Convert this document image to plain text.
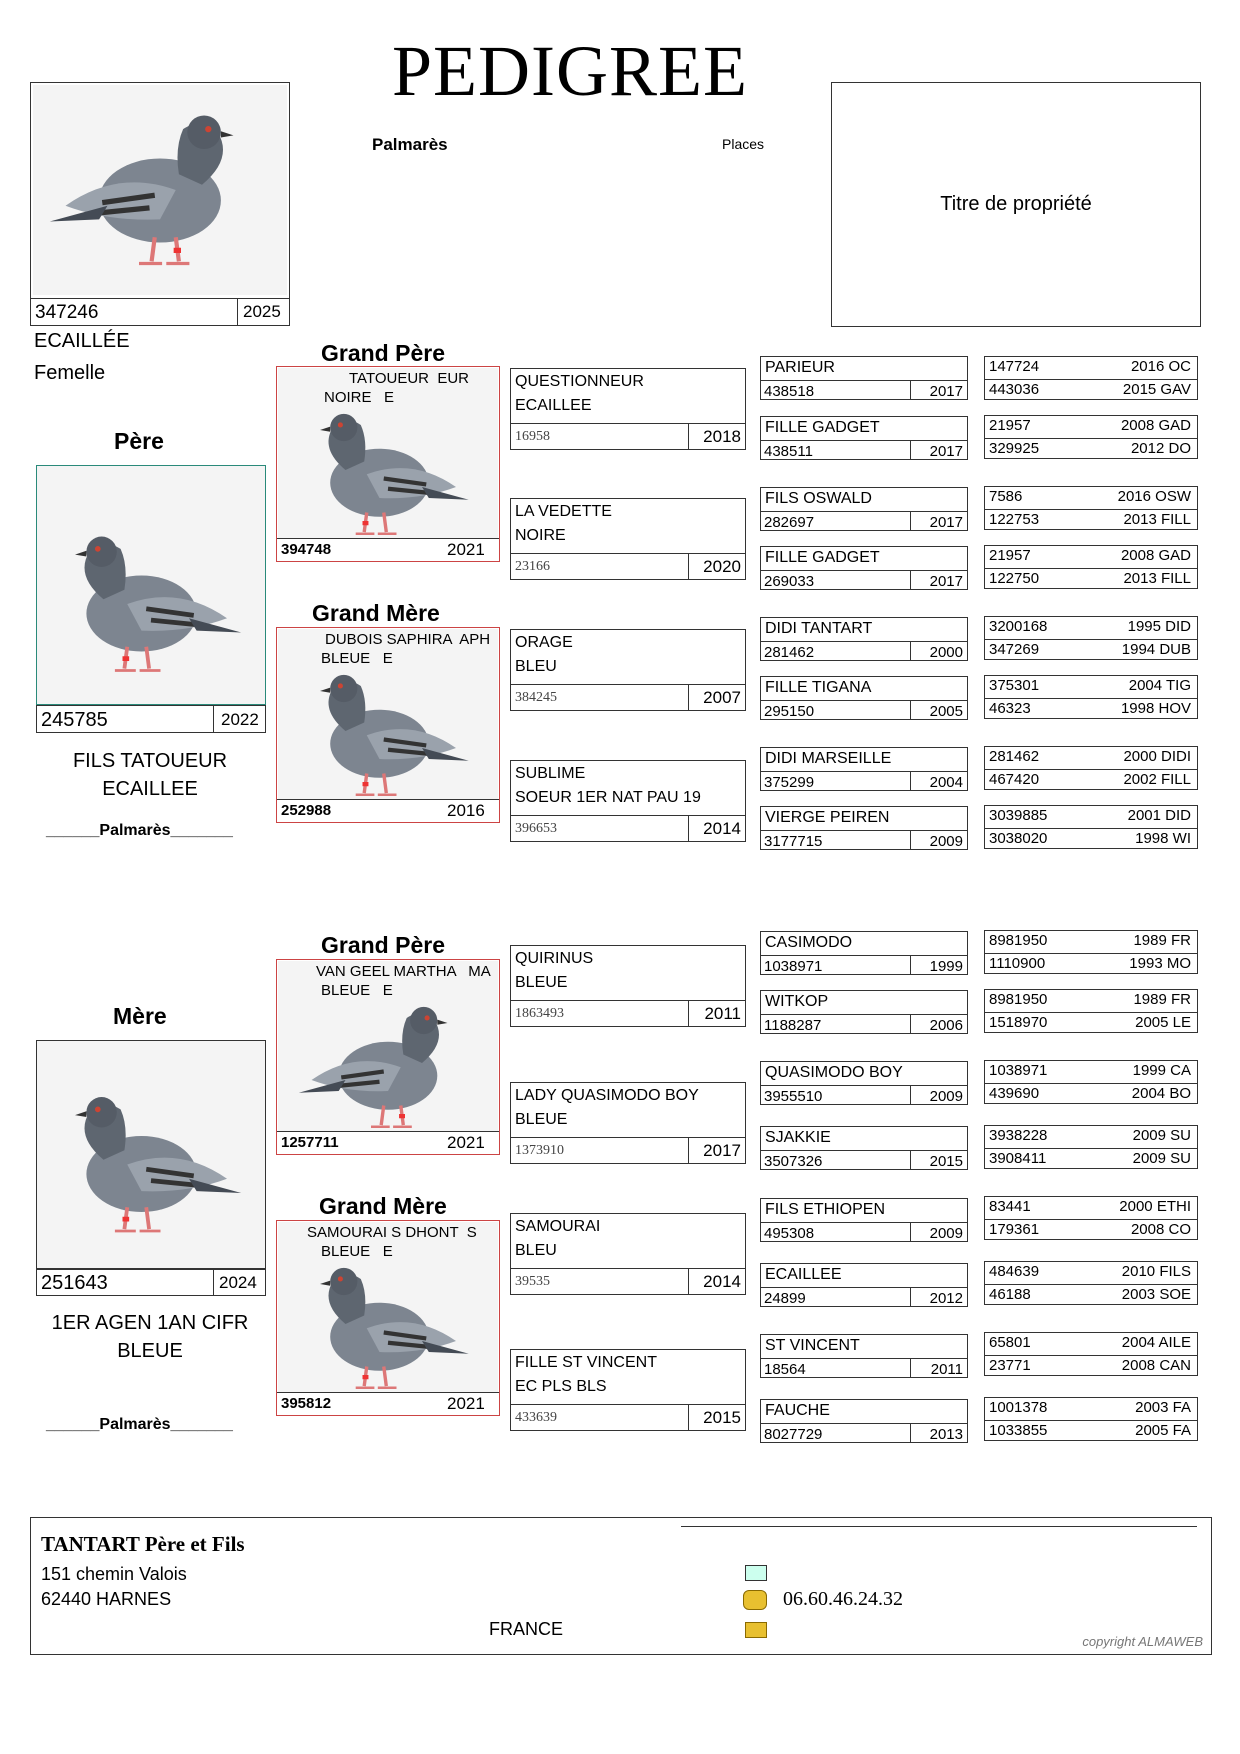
PEDIGREE
Palmarès	Places
Titre de propriété
347246	2025
ECAILLÉE
Femelle
Père
245785	2022
FILS TATOUEUR
ECAILLEE
______Palmarès_______
Mère
251643	2024
1ER AGEN 1AN CIFR
BLEUE
______Palmarès_______
Grand Père
TATOUEUR  EUR
NOIRE   E
394748	2021
Grand Mère
DUBOIS SAPHIRA  APH
BLEUE   E
252988	2016
Grand Père
VAN GEEL MARTHA   MA
BLEUE   E
1257711	2021
Grand Mère
SAMOURAI S DHONT  S
BLEUE   E
395812	2021
QUESTIONNEUR
ECAILLEE
16958	2018
LA VEDETTE
NOIRE
23166	2020
ORAGE
BLEU
384245	2007
SUBLIME
SOEUR 1ER NAT PAU 19
396653	2014
QUIRINUS
BLEUE
1863493	2011
LADY QUASIMODO BOY
BLEUE
1373910	2017
SAMOURAI
BLEU
39535	2014
FILLE ST VINCENT
EC PLS BLS
433639	2015
PARIEUR
438518	2017
FILLE GADGET
438511	2017
FILS OSWALD
282697	2017
FILLE GADGET
269033	2017
DIDI TANTART
281462	2000
FILLE TIGANA
295150	2005
DIDI MARSEILLE
375299	2004
VIERGE PEIREN
3177715	2009
CASIMODO
1038971	1999
WITKOP
1188287	2006
QUASIMODO BOY
3955510	2009
SJAKKIE
3507326	2015
FILS ETHIOPEN
495308	2009
ECAILLEE
24899	2012
ST VINCENT
18564	2011
FAUCHE
8027729	2013
147724	2016 OC
443036	2015 GAV
21957	2008 GAD
329925	2012 DO
7586	2016 OSW
122753	2013 FILL
21957	2008 GAD
122750	2013 FILL
3200168	1995 DID
347269	1994 DUB
375301	2004 TIG
46323	1998 HOV
281462	2000 DIDI
467420	2002 FILL
3039885	2001 DID
3038020	1998 WI
8981950	1989 FR
1110900	1993 MO
8981950	1989 FR
1518970	2005 LE
1038971	1999 CA
439690	2004 BO
3938228	2009 SU
3908411	2009 SU
83441	2000 ETHI
179361	2008 CO
484639	2010 FILS
46188	2003 SOE
65801	2004 AILE
23771	2008 CAN
1001378	2003 FA
1033855	2005 FA
TANTART Père et Fils
151 chemin Valois
62440 HARNES
FRANCE
06.60.46.24.32
copyright ALMAWEB
